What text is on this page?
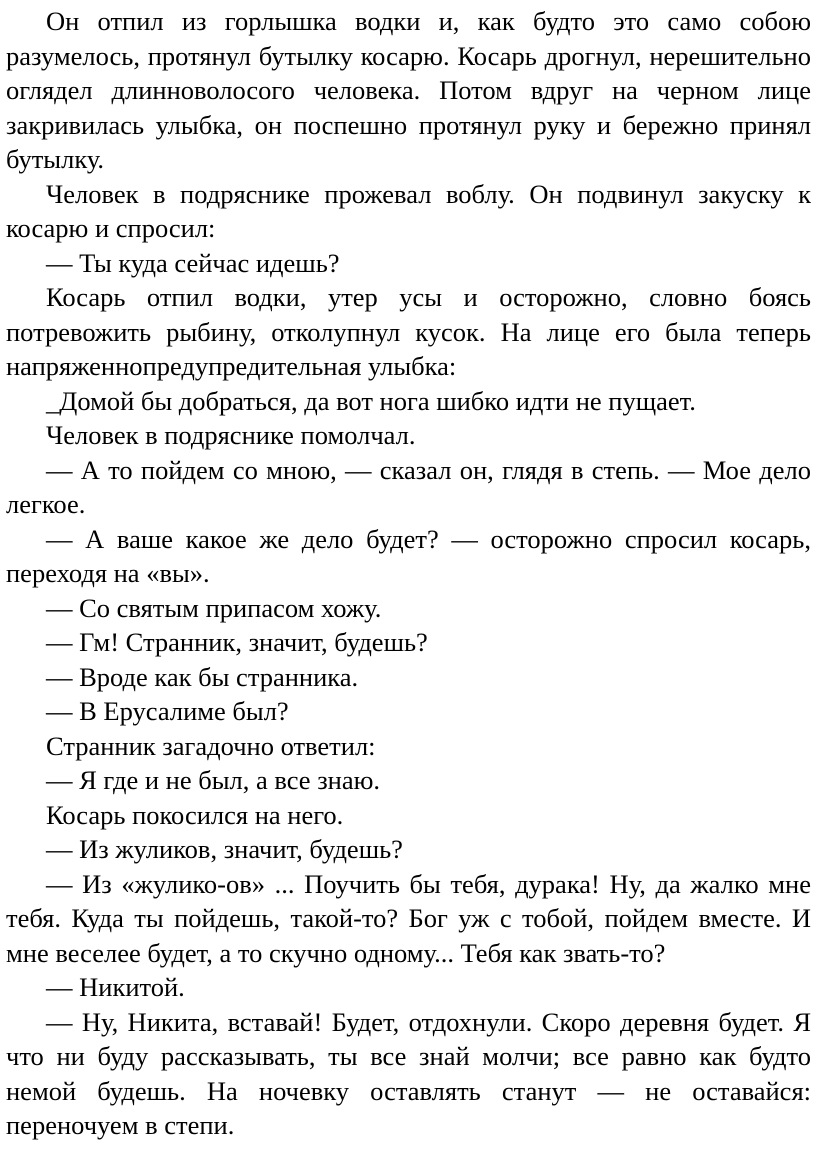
Он отпил из горлышка водки и, как будто это само собою разумелось, протянул бутылку косарю. Косарь дрогнул, нерешительно оглядел длинноволосого человека. Потом вдруг на черном лице закривилась улыбка, он поспешно протянул руку и бережно принял бутылку.

Человек в подряснике прожевал воблу. Он подвинул закуску к косарю и спросил:

— Ты куда сейчас идешь?

Косарь отпил водки, утер усы и осторожно, словно боясь потревожить рыбину, отколупнул кусок. На лице его была теперь напряженнопредупредительная улыбка:

_Домой бы добраться, да вот нога шибко идти не пущает.

Человек в подряснике помолчал.

— А то пойдем со мною, — сказал он, глядя в степь. — Мое дело легкое.

— А ваше какое же дело будет? — осторожно спросил косарь, переходя на «вы».

— Со святым припасом хожу.

— Гм! Странник, значит, будешь?

— Вроде как бы странника.

— В Ерусалиме был?

Странник загадочно ответил:

— Я где и не был, а все знаю.

Косарь покосился на него.

— Из жуликов, значит, будешь?

— Из «жулико-ов» ... Поучить бы тебя, дурака! Ну, да жалко мне тебя. Куда ты пойдешь, такой-то? Бог уж с тобой, пойдем вместе. И мне веселее будет, а то скучно одному... Тебя как звать-то?

— Никитой.

— Ну, Никита, вставай! Будет, отдохнули. Скоро деревня будет. Я что ни буду рассказывать, ты все знай молчи; все равно как будто немой будешь. На ночевку оставлять станут — не оставайся: переночуем в степи.
